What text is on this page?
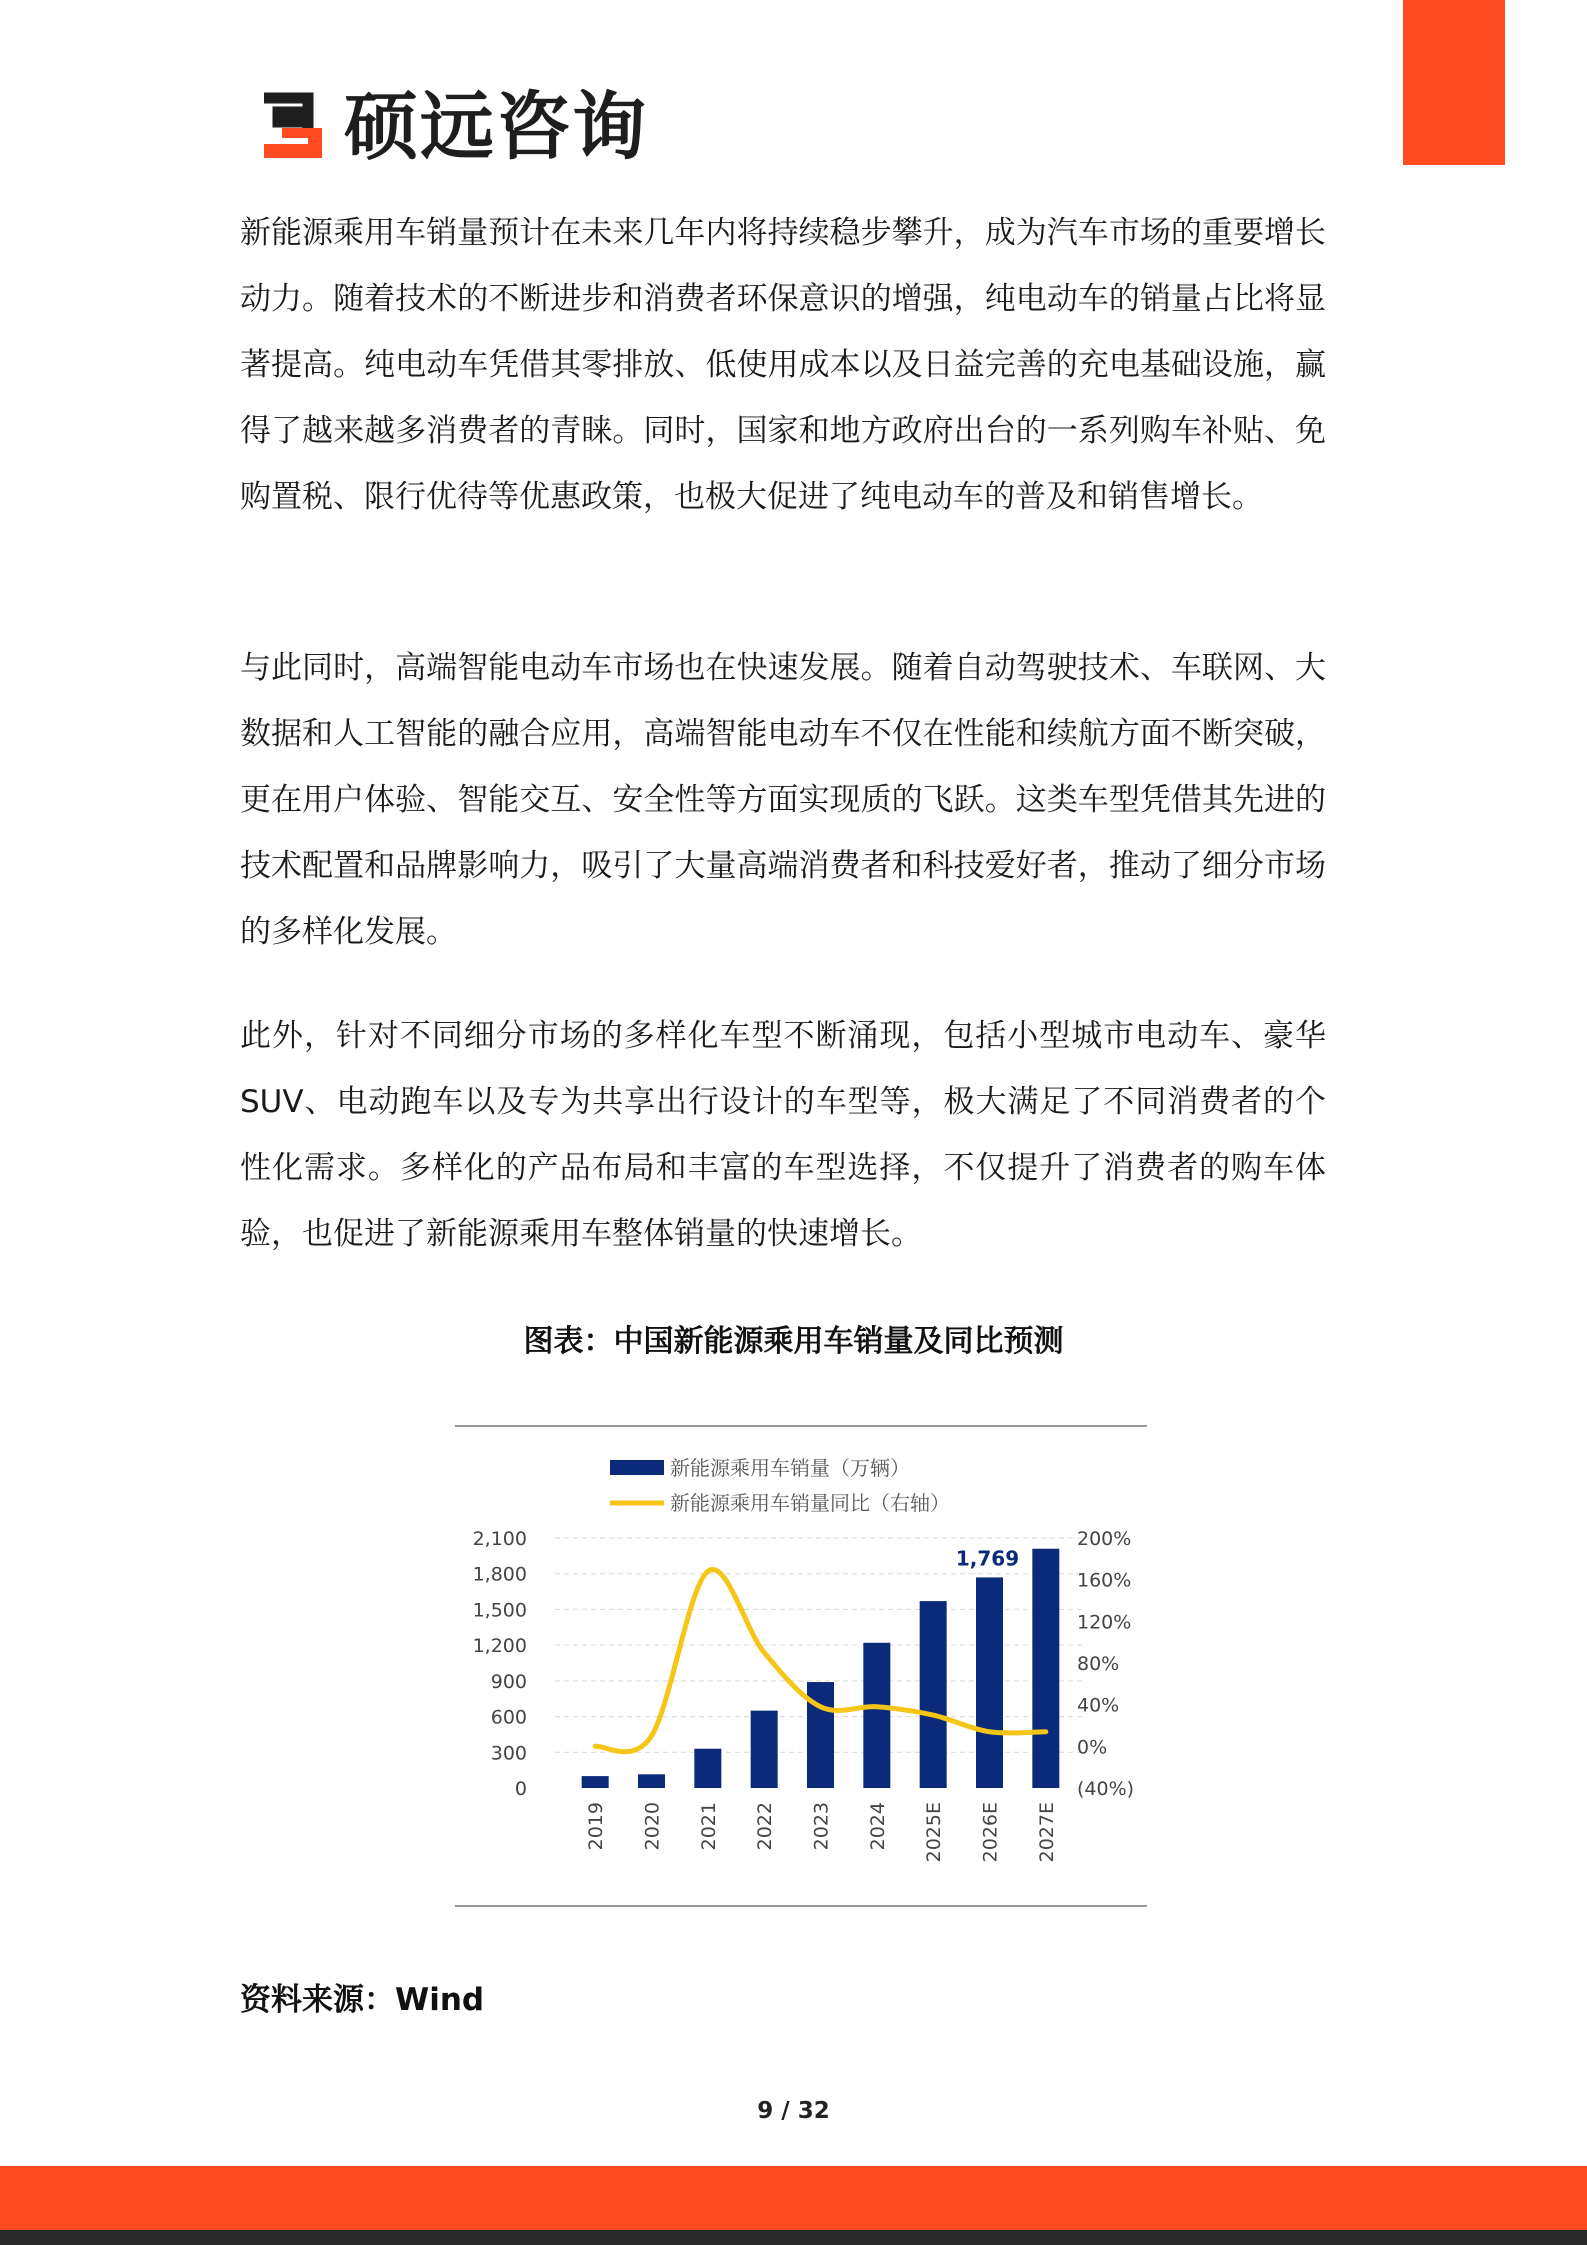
硕远咨询

新能源乘用车销量预计在未来几年内将持续稳步攀升，成为汽车市场的重要增长动力。随着技术的不断进步和消费者环保意识的增强，纯电动车的销量占比将显著提高。纯电动车凭借其零排放、低使用成本以及日益完善的充电基础设施，赢得了越来越多消费者的青睐。同时，国家和地方政府出台的一系列购车补贴、免购置税、限行优待等优惠政策，也极大促进了纯电动车的普及和销售增长。

与此同时，高端智能电动车市场也在快速发展。随着自动驾驶技术、车联网、大数据和人工智能的融合应用，高端智能电动车不仅在性能和续航方面不断突破，更在用户体验、智能交互、安全性等方面实现质的飞跃。这类车型凭借其先进的技术配置和品牌影响力，吸引了大量高端消费者和科技爱好者，推动了细分市场的多样化发展。

此外，针对不同细分市场的多样化车型不断涌现，包括小型城市电动车、豪华SUV、电动跑车以及专为共享出行设计的车型等，极大满足了不同消费者的个性化需求。多样化的产品布局和丰富的车型选择，不仅提升了消费者的购车体验，也促进了新能源乘用车整体销量的快速增长。

图表：中国新能源乘用车销量及同比预测
0
300
600
900
1,200
1,500
1,800
2,100
(40%)
0%
40%
80%
120%
160%
200%
1,769
2019 2020 2021 2022 2023 2024 2025E 2026E 2027E
新能源乘用车销量（万辆）
新能源乘用车销量同比（右轴）
资料来源：Wind
9 / 32
